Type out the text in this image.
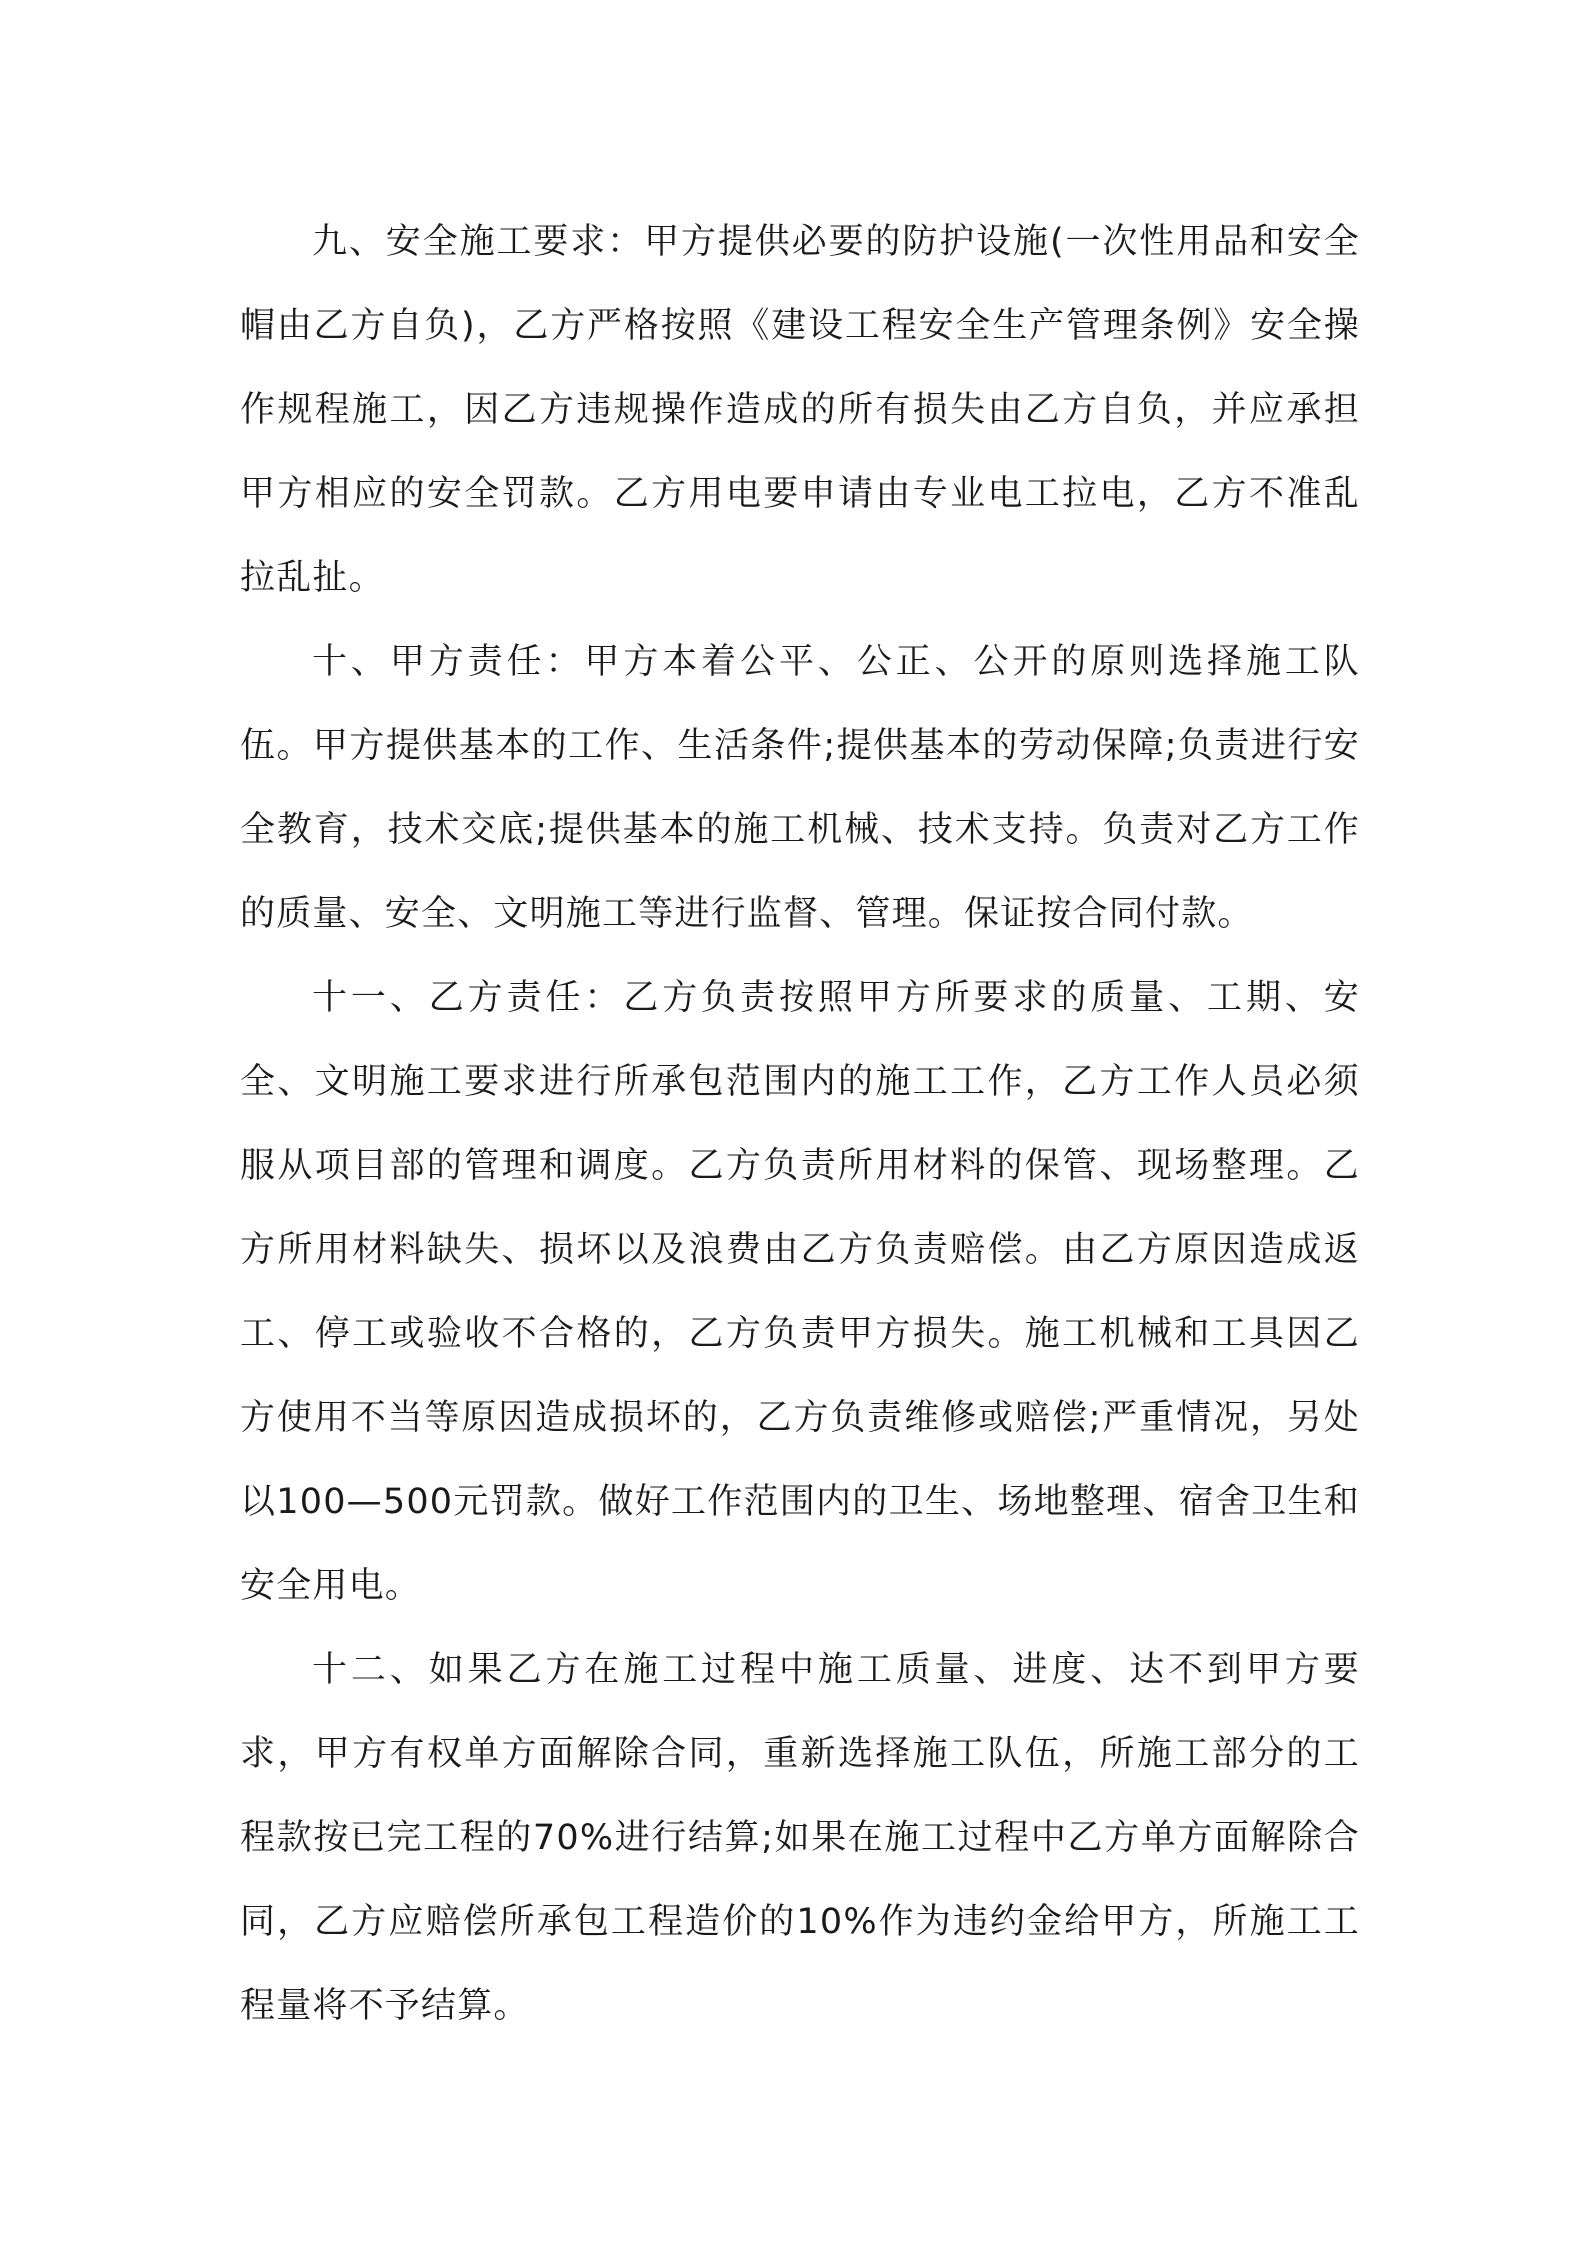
九、安全施工要求：甲方提供必要的防护设施(一次性用品和安全帽由乙方自负)，乙方严格按照《建设工程安全生产管理条例》安全操作规程施工，因乙方违规操作造成的所有损失由乙方自负，并应承担甲方相应的安全罚款。乙方用电要申请由专业电工拉电，乙方不准乱拉乱扯。

十、甲方责任：甲方本着公平、公正、公开的原则选择施工队伍。甲方提供基本的工作、生活条件;提供基本的劳动保障;负责进行安全教育，技术交底;提供基本的施工机械、技术支持。负责对乙方工作的质量、安全、文明施工等进行监督、管理。保证按合同付款。

十一、乙方责任：乙方负责按照甲方所要求的质量、工期、安全、文明施工要求进行所承包范围内的施工工作，乙方工作人员必须服从项目部的管理和调度。乙方负责所用材料的保管、现场整理。乙方所用材料缺失、损坏以及浪费由乙方负责赔偿。由乙方原因造成返工、停工或验收不合格的，乙方负责甲方损失。施工机械和工具因乙方使用不当等原因造成损坏的，乙方负责维修或赔偿;严重情况，另处以100—500元罚款。做好工作范围内的卫生、场地整理、宿舍卫生和安全用电。

十二、如果乙方在施工过程中施工质量、进度、达不到甲方要求，甲方有权单方面解除合同，重新选择施工队伍，所施工部分的工程款按已完工程的70%进行结算;如果在施工过程中乙方单方面解除合同，乙方应赔偿所承包工程造价的10%作为违约金给甲方，所施工工程量将不予结算。
